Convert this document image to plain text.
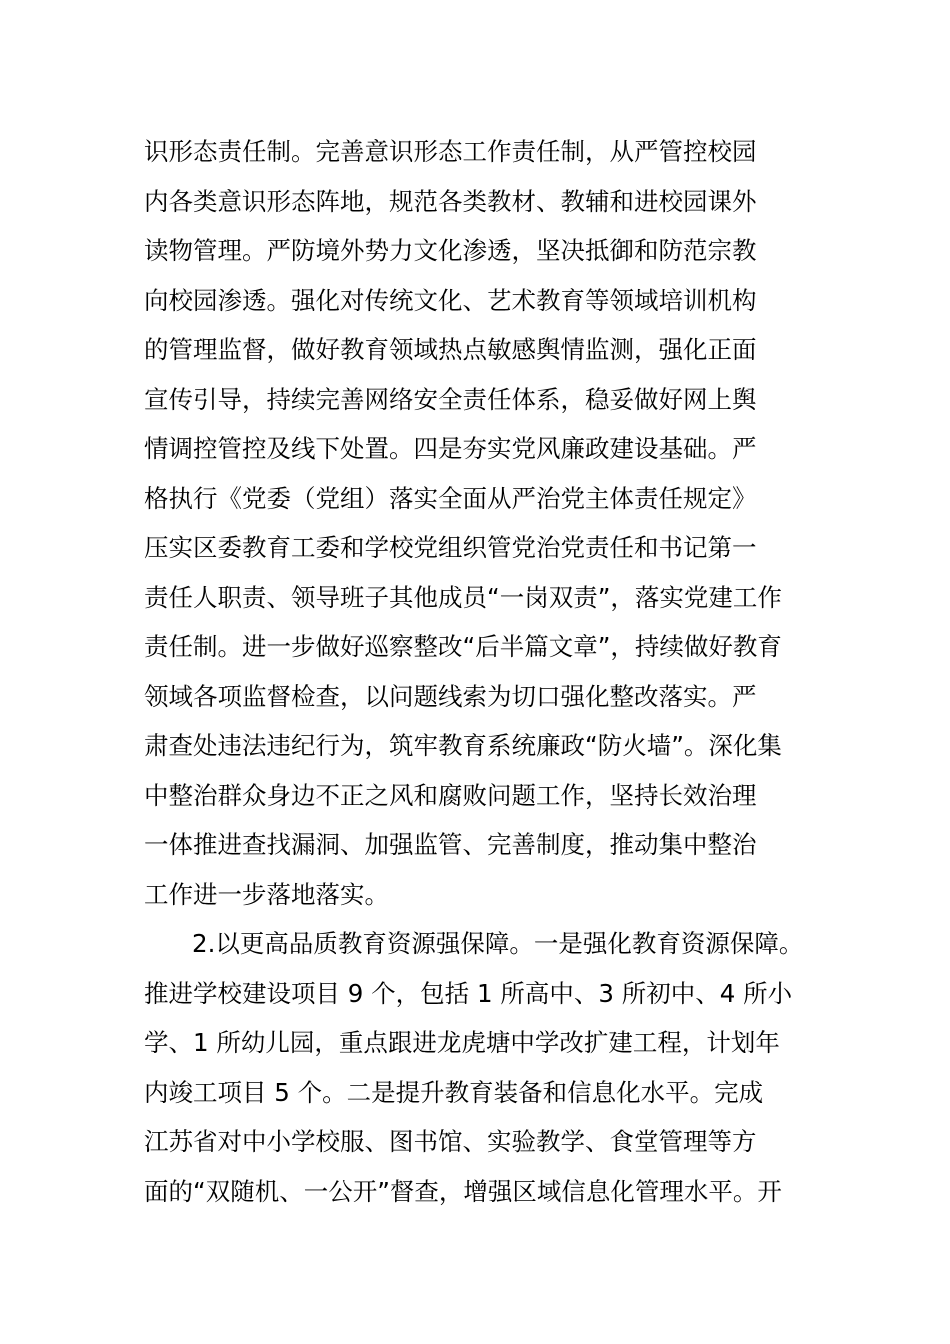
识形态责任制。完善意识形态工作责任制，从严管控校园
内各类意识形态阵地，规范各类教材、教辅和进校园课外
读物管理。严防境外势力文化渗透，坚决抵御和防范宗教
向校园渗透。强化对传统文化、艺术教育等领域培训机构
的管理监督，做好教育领域热点敏感舆情监测，强化正面
宣传引导，持续完善网络安全责任体系，稳妥做好网上舆
情调控管控及线下处置。四是夯实党风廉政建设基础。严
格执行《党委（党组）落实全面从严治党主体责任规定》
压实区委教育工委和学校党组织管党治党责任和书记第一
责任人职责、领导班子其他成员“一岗双责”，落实党建工作
责任制。进一步做好巡察整改“后半篇文章”，持续做好教育
领域各项监督检查，以问题线索为切口强化整改落实。严
肃查处违法违纪行为，筑牢教育系统廉政“防火墙”。深化集
中整治群众身边不正之风和腐败问题工作，坚持长效治理
一体推进查找漏洞、加强监管、完善制度，推动集中整治
工作进一步落地落实。
2.以更高品质教育资源强保障。一是强化教育资源保障。
推进学校建设项目 9 个，包括 1 所高中、3 所初中、4 所小
学、1 所幼儿园，重点跟进龙虎塘中学改扩建工程，计划年
内竣工项目 5 个。二是提升教育装备和信息化水平。完成
江苏省对中小学校服、图书馆、实验教学、食堂管理等方
面的“双随机、一公开”督查，增强区域信息化管理水平。开
